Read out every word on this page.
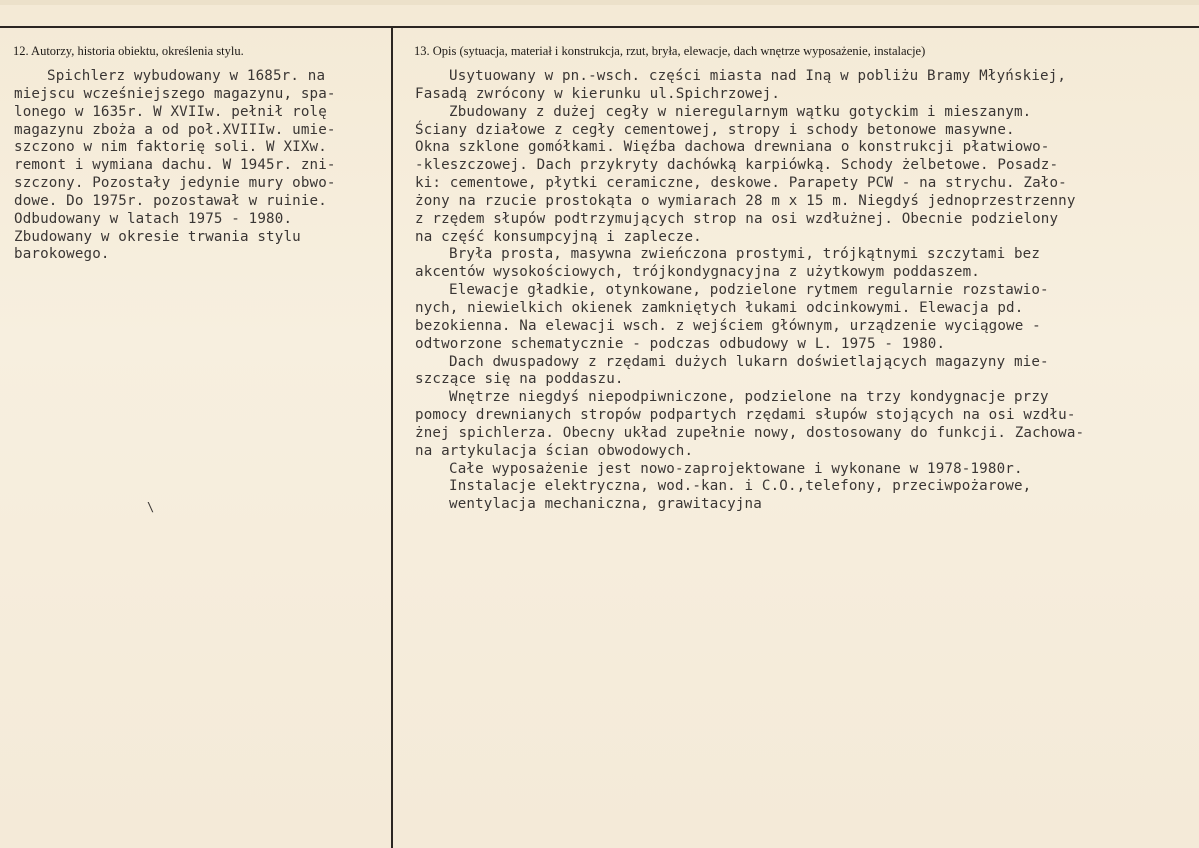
12. Autorzy, historia obiektu, określenia stylu.	13. Opis (sytuacja, materiał i konstrukcja, rzut, bryła, elewacje, dach wnętrze wyposażenie, instalacje)
Spichlerz wybudowany w 1685r. na
miejscu wcześniejszego magazynu, spa-
lonego w 1635r. W XVIIw. pełnił rolę
magazynu zboża a od poł.XVIIIw. umie-
szczono w nim faktorię soli. W XIXw.
remont i wymiana dachu. W 1945r. zni-
szczony. Pozostały jedynie mury obwo-
dowe. Do 1975r. pozostawał w ruinie.
Odbudowany w latach 1975 - 1980.
Zbudowany w okresie trwania stylu
barokowego.
\
Usytuowany w pn.-wsch. części miasta nad Iną w pobliżu Bramy Młyńskiej,
Fasadą zwrócony w kierunku ul.Spichrzowej.
Zbudowany z dużej cegły w nieregularnym wątku gotyckim i mieszanym.
Ściany działowe z cegły cementowej, stropy i schody betonowe masywne.
Okna szklone gomółkami. Więźba dachowa drewniana o konstrukcji płatwiowo-
-kleszczowej. Dach przykryty dachówką karpiówką. Schody żelbetowe. Posadz-
ki: cementowe, płytki ceramiczne, deskowe. Parapety PCW - na strychu. Zało-
żony na rzucie prostokąta o wymiarach 28 m x 15 m. Niegdyś jednoprzestrzenny
z rzędem słupów podtrzymujących strop na osi wzdłużnej. Obecnie podzielony
na część konsumpcyjną i zaplecze.
Bryła prosta, masywna zwieńczona prostymi, trójkątnymi szczytami bez
akcentów wysokościowych, trójkondygnacyjna z użytkowym poddaszem.
Elewacje gładkie, otynkowane, podzielone rytmem regularnie rozstawio-
nych, niewielkich okienek zamkniętych łukami odcinkowymi. Elewacja pd.
bezokienna. Na elewacji wsch. z wejściem głównym, urządzenie wyciągowe -
odtworzone schematycznie - podczas odbudowy w L. 1975 - 1980.
Dach dwuspadowy z rzędami dużych lukarn doświetlających magazyny mie-
szczące się na poddaszu.
Wnętrze niegdyś niepodpiwniczone, podzielone na trzy kondygnacje przy
pomocy drewnianych stropów podpartych rzędami słupów stojących na osi wzdłu-
żnej spichlerza. Obecny układ zupełnie nowy, dostosowany do funkcji. Zachowa-
na artykulacja ścian obwodowych.
Całe wyposażenie jest nowo-zaprojektowane i wykonane w 1978-1980r.
Instalacje elektryczna, wod.-kan. i C.O.,telefony, przeciwpożarowe,
wentylacja mechaniczna, grawitacyjna
